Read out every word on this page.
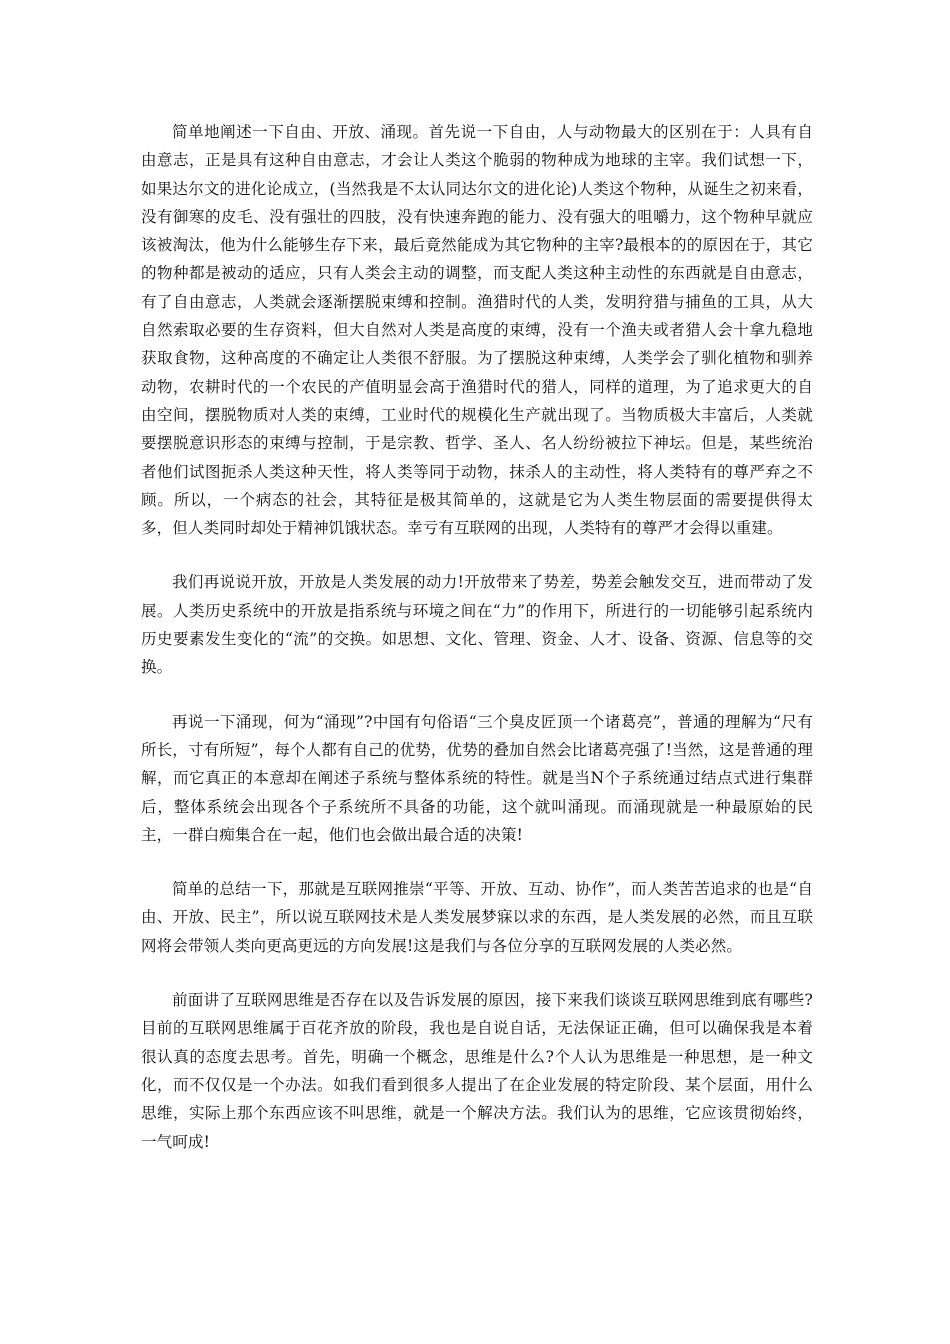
简单地阐述一下自由、开放、涌现。首先说一下自由，人与动物最大的区别在于：人具有自由意志，正是具有这种自由意志，才会让人类这个脆弱的物种成为地球的主宰。我们试想一下，如果达尔文的进化论成立，(当然我是不太认同达尔文的进化论)人类这个物种，从诞生之初来看，没有御寒的皮毛、没有强壮的四肢，没有快速奔跑的能力、没有强大的咀嚼力，这个物种早就应该被淘汰，他为什么能够生存下来，最后竟然能成为其它物种的主宰?最根本的的原因在于，其它的物种都是被动的适应，只有人类会主动的调整，而支配人类这种主动性的东西就是自由意志，有了自由意志，人类就会逐渐摆脱束缚和控制。渔猎时代的人类，发明狩猎与捕鱼的工具，从大自然索取必要的生存资料，但大自然对人类是高度的束缚，没有一个渔夫或者猎人会十拿九稳地获取食物，这种高度的不确定让人类很不舒服。为了摆脱这种束缚，人类学会了驯化植物和驯养动物，农耕时代的一个农民的产值明显会高于渔猎时代的猎人，同样的道理，为了追求更大的自由空间，摆脱物质对人类的束缚，工业时代的规模化生产就出现了。当物质极大丰富后，人类就要摆脱意识形态的束缚与控制，于是宗教、哲学、圣人、名人纷纷被拉下神坛。但是，某些统治者他们试图扼杀人类这种天性，将人类等同于动物，抹杀人的主动性，将人类特有的尊严弃之不顾。所以，一个病态的社会，其特征是极其简单的，这就是它为人类生物层面的需要提供得太多，但人类同时却处于精神饥饿状态。幸亏有互联网的出现，人类特有的尊严才会得以重建。

我们再说说开放，开放是人类发展的动力!开放带来了势差，势差会触发交互，进而带动了发展。人类历史系统中的开放是指系统与环境之间在“力”的作用下，所进行的一切能够引起系统内历史要素发生变化的“流”的交换。如思想、文化、管理、资金、人才、设备、资源、信息等的交换。

再说一下涌现，何为“涌现”?中国有句俗语“三个臭皮匠顶一个诸葛亮”，普通的理解为“尺有所长，寸有所短”，每个人都有自己的优势，优势的叠加自然会比诸葛亮强了!当然，这是普通的理解，而它真正的本意却在阐述子系统与整体系统的特性。就是当N个子系统通过结点式进行集群后，整体系统会出现各个子系统所不具备的功能，这个就叫涌现。而涌现就是一种最原始的民主，一群白痴集合在一起，他们也会做出最合适的决策!

简单的总结一下，那就是互联网推崇“平等、开放、互动、协作”，而人类苦苦追求的也是“自由、开放、民主”，所以说互联网技术是人类发展梦寐以求的东西，是人类发展的必然，而且互联网将会带领人类向更高更远的方向发展!这是我们与各位分享的互联网发展的人类必然。

前面讲了互联网思维是否存在以及告诉发展的原因，接下来我们谈谈互联网思维到底有哪些?目前的互联网思维属于百花齐放的阶段，我也是自说自话，无法保证正确，但可以确保我是本着很认真的态度去思考。首先，明确一个概念，思维是什么?个人认为思维是一种思想，是一种文化，而不仅仅是一个办法。如我们看到很多人提出了在企业发展的特定阶段、某个层面，用什么思维，实际上那个东西应该不叫思维，就是一个解决方法。我们认为的思维，它应该贯彻始终，一气呵成!
